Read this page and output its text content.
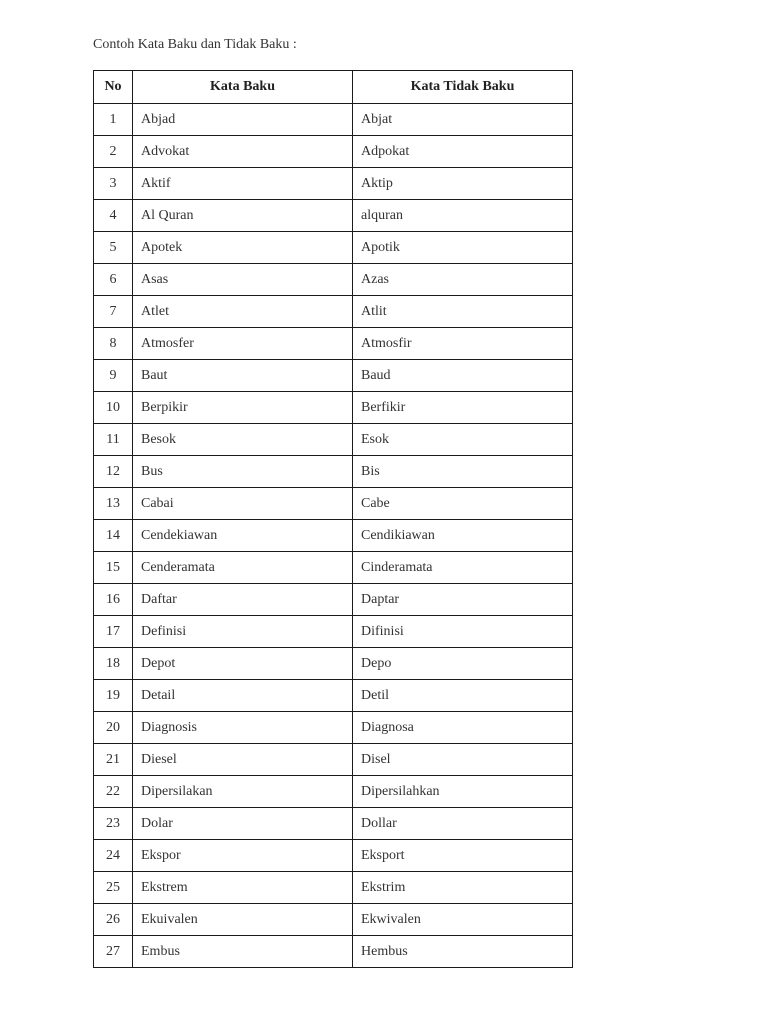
Contoh Kata Baku dan Tidak Baku :
No	Kata Baku	Kata Tidak Baku
1	Abjad	Abjat
2	Advokat	Adpokat
3	Aktif	Aktip
4	Al Quran	alquran
5	Apotek	Apotik
6	Asas	Azas
7	Atlet	Atlit
8	Atmosfer	Atmosfir
9	Baut	Baud
10	Berpikir	Berfikir
11	Besok	Esok
12	Bus	Bis
13	Cabai	Cabe
14	Cendekiawan	Cendikiawan
15	Cenderamata	Cinderamata
16	Daftar	Daptar
17	Definisi	Difinisi
18	Depot	Depo
19	Detail	Detil
20	Diagnosis	Diagnosa
21	Diesel	Disel
22	Dipersilakan	Dipersilahkan
23	Dolar	Dollar
24	Ekspor	Eksport
25	Ekstrem	Ekstrim
26	Ekuivalen	Ekwivalen
27	Embus	Hembus
